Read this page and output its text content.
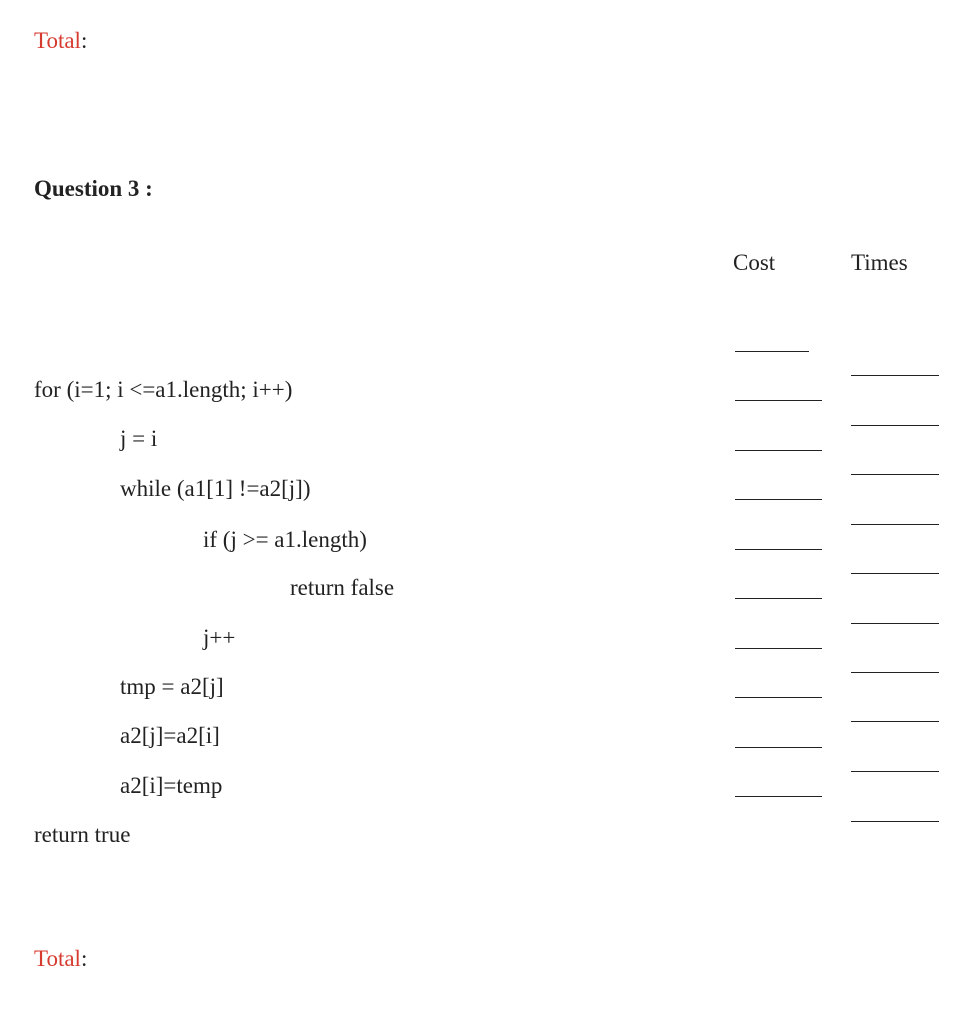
Total:
Question 3 :
Cost	Times
for (i=1; i <=a1.length; i++)
j = i
while (a1[1] !=a2[j])
if (j >= a1.length)
return false
j++
tmp = a2[j]
a2[j]=a2[i]
a2[i]=temp
return true
Total:
